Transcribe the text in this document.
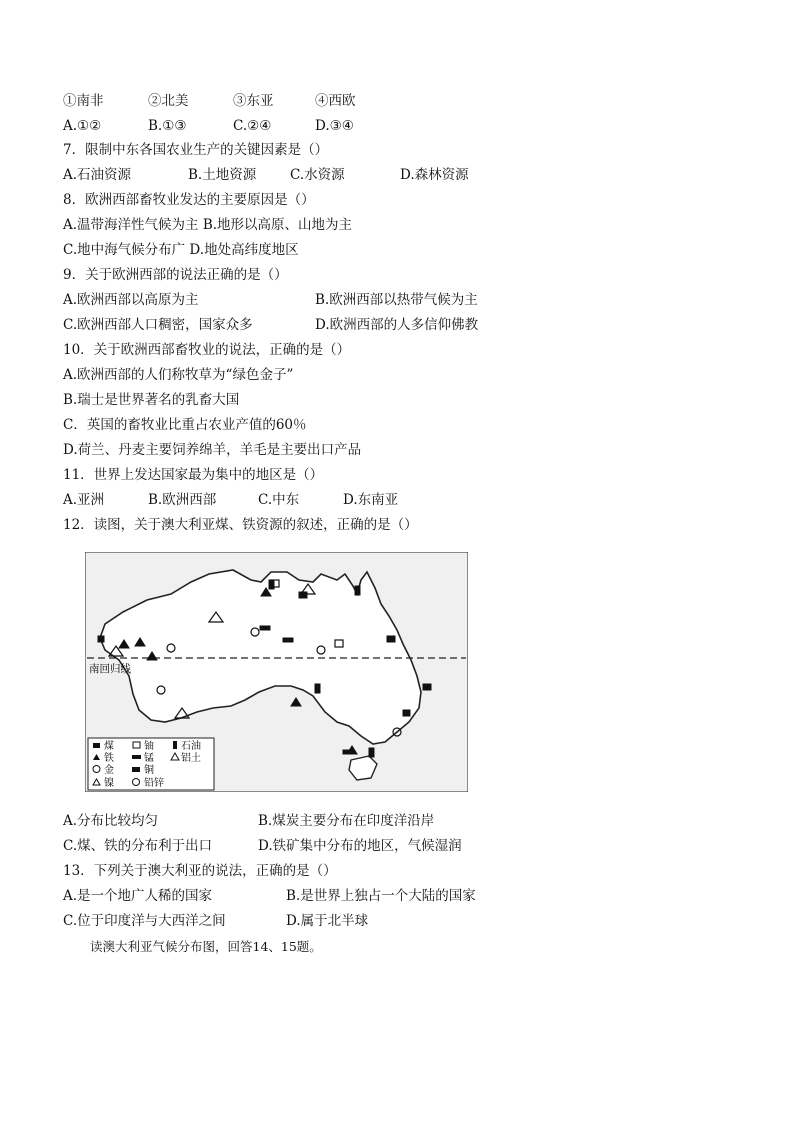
①南非	②北美	③东亚	④西欧
A.①②	B.①③	C.②④	D.③④
7．限制中东各国农业生产的关键因素是（）
A.石油资源	B.土地资源	C.水资源	D.森林资源
8．欧洲西部畜牧业发达的主要原因是（）
A.温带海洋性气候为主 B.地形以高原、山地为主
C.地中海气候分布广 D.地处高纬度地区
9．关于欧洲西部的说法正确的是（）
A.欧洲西部以高原为主	B.欧洲西部以热带气候为主
C.欧洲西部人口稠密，国家众多	D.欧洲西部的人多信仰佛教
10．关于欧洲西部畜牧业的说法，正确的是（）
A.欧洲西部的人们称牧草为“绿色金子”
B.瑞士是世界著名的乳畜大国
C．英国的畜牧业比重占农业产值的60％
D.荷兰、丹麦主要饲养绵羊，羊毛是主要出口产品
11．世界上发达国家最为集中的地区是（）
A.亚洲	B.欧洲西部	C.中东	D.东南亚
12．读图，关于澳大利亚煤、铁资源的叙述，正确的是（）
南回归线
煤	铀	石油
铁	锰	铝土
金	铜
镍	铅锌
A.分布比较均匀	B.煤炭主要分布在印度洋沿岸
C.煤、铁的分布利于出口	D.铁矿集中分布的地区，气候湿润
13．下列关于澳大利亚的说法，正确的是（）
A.是一个地广人稀的国家	B.是世界上独占一个大陆的国家
C.位于印度洋与大西洋之间	D.属于北半球
读澳大利亚气候分布图，回答14、15题。
